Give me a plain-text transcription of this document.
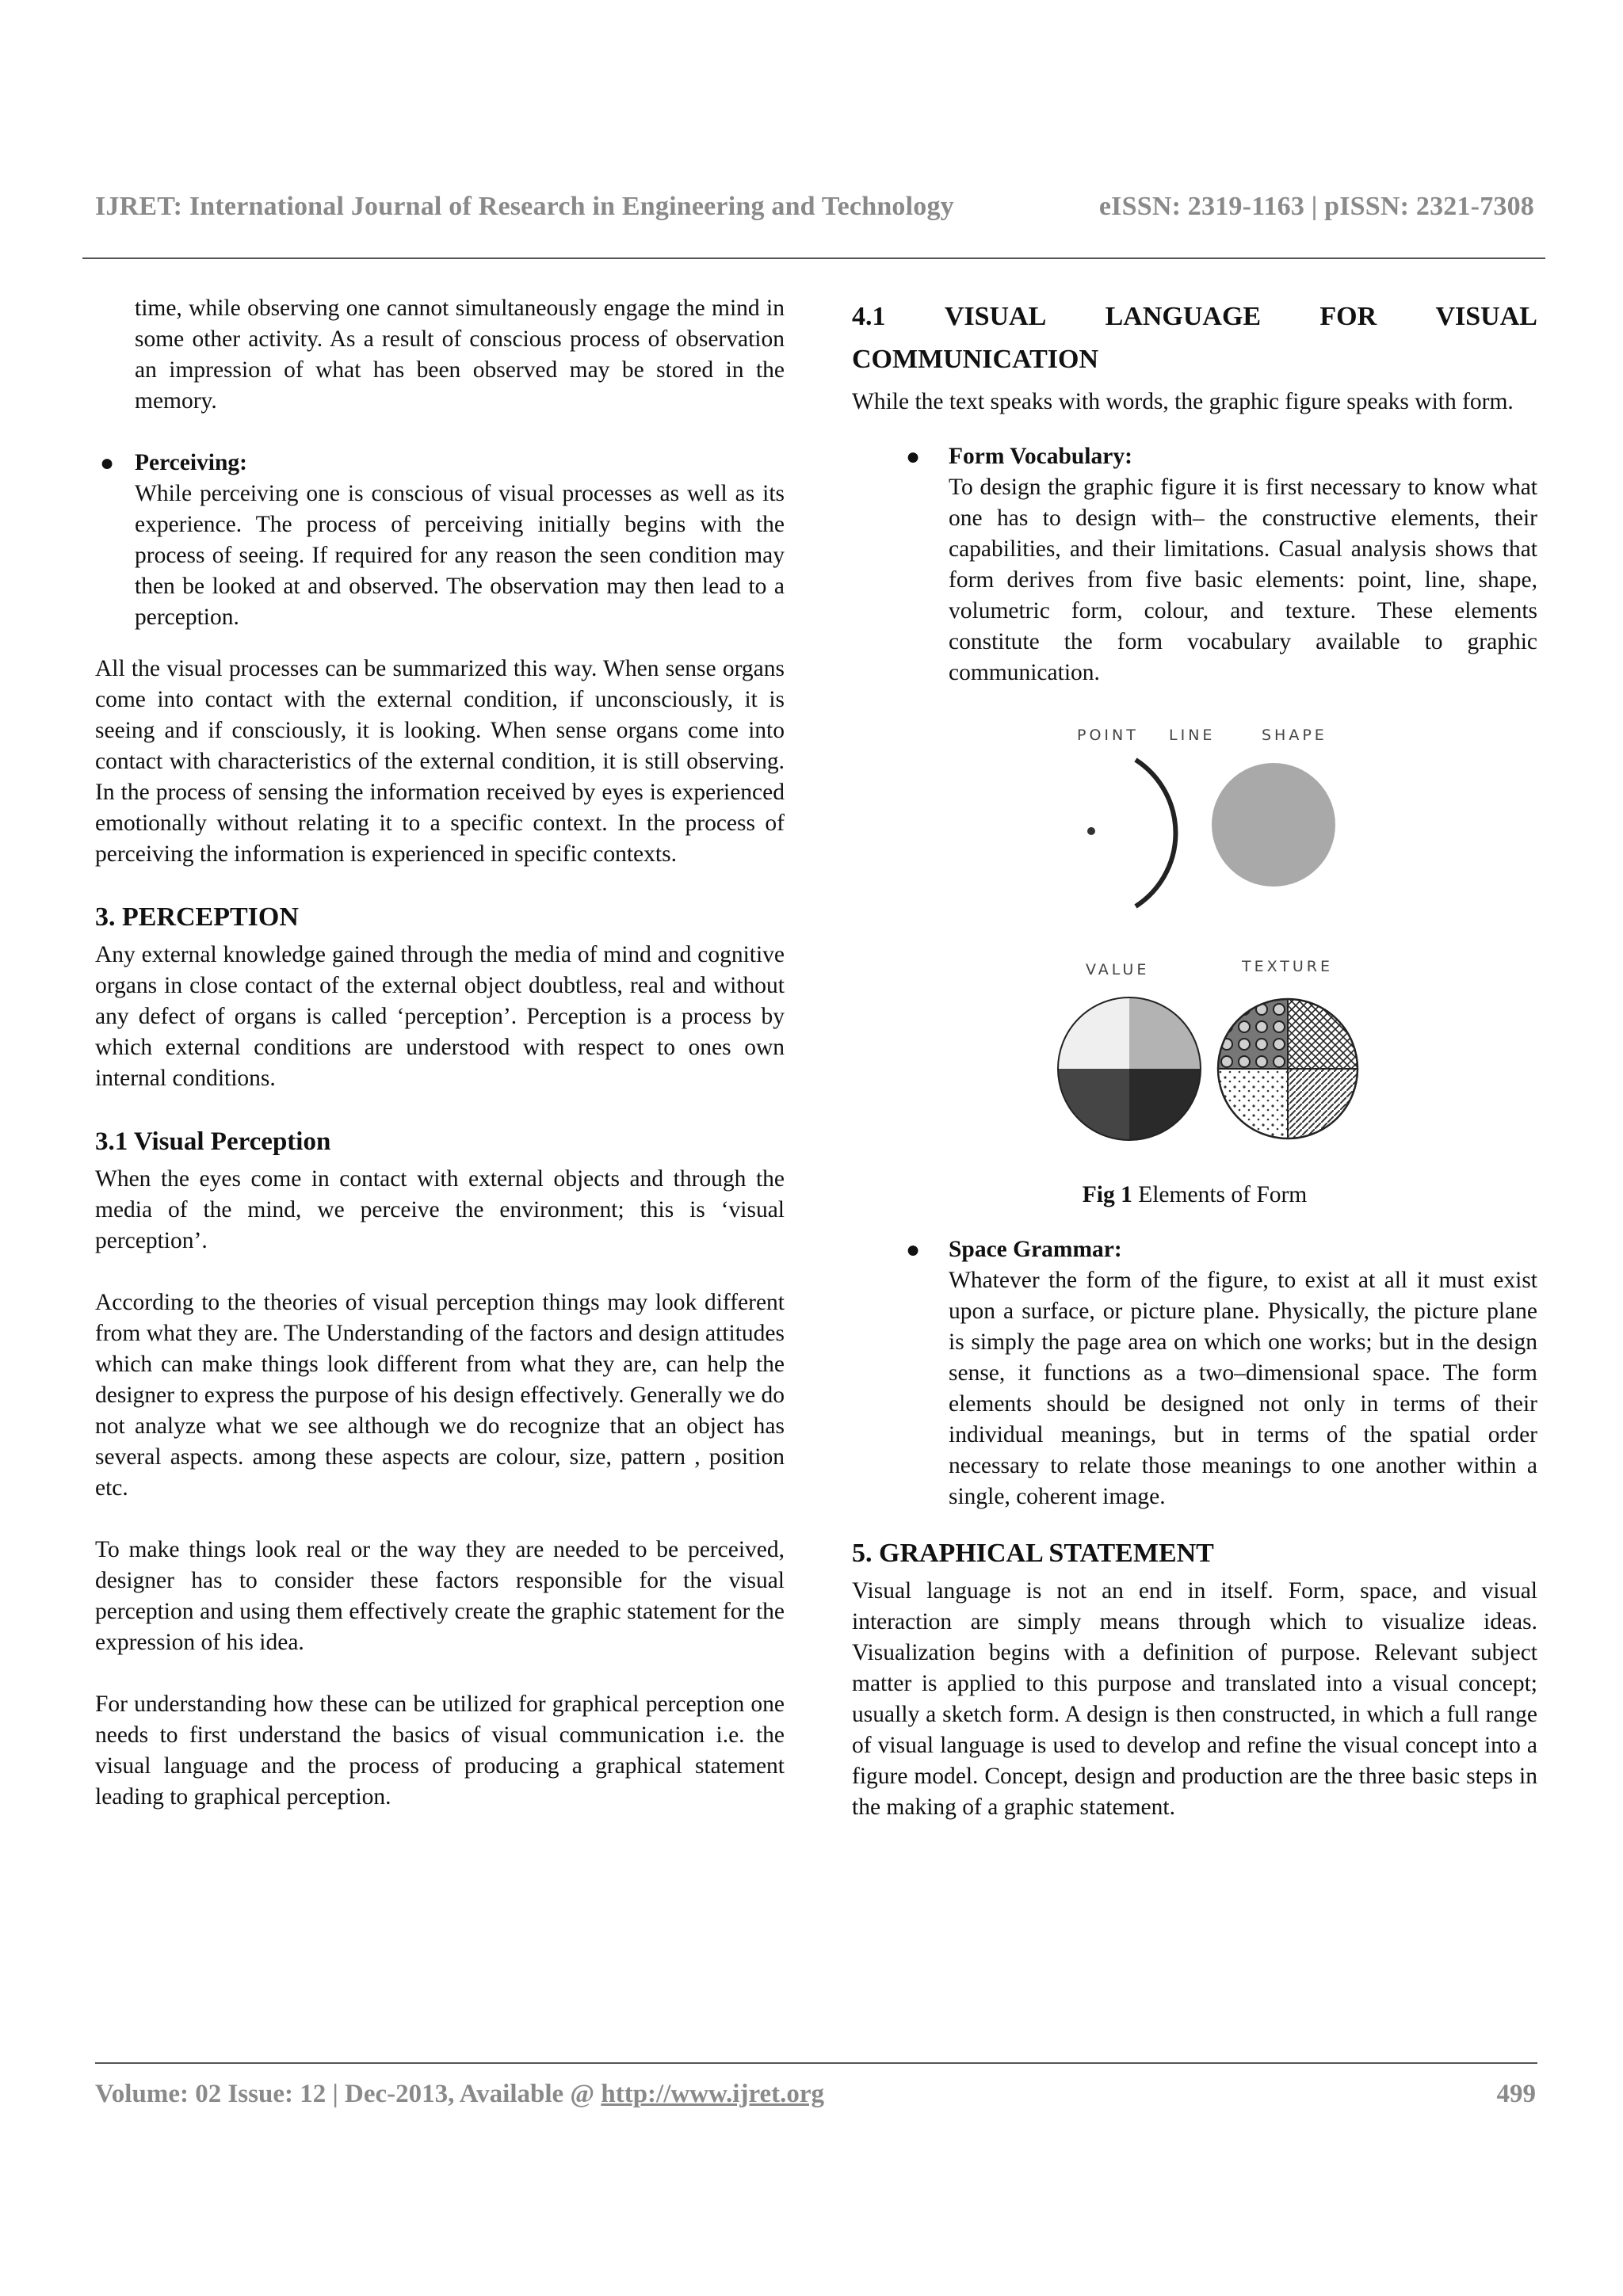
IJRET: International Journal of Research in Engineering and Technology	eISSN: 2319-1163 | pISSN: 2321-7308

time, while observing one cannot simultaneously engage the mind in some other activity. As a result of conscious process of observation an impression of what has been observed may be stored in the memory.

● Perceiving:

While perceiving one is conscious of visual processes as well as its experience. The process of perceiving initially begins with the process of seeing. If required for any reason the seen condition may then be looked at and observed. The observation may then lead to a perception.

All the visual processes can be summarized this way. When sense organs come into contact with the external condition, if unconsciously, it is seeing and if consciously, it is looking. When sense organs come into contact with characteristics of the external condition, it is still observing. In the process of sensing the information received by eyes is experienced emotionally without relating it to a specific context. In the process of perceiving the information is experienced in specific contexts.

3. PERCEPTION

Any external knowledge gained through the media of mind and cognitive organs in close contact of the external object doubtless, real and without any defect of organs is called ‘perception’. Perception is a process by which external conditions are understood with respect to ones own internal conditions.

3.1 Visual Perception

When the eyes come in contact with external objects and through the media of the mind, we perceive the environment; this is ‘visual perception’.

According to the theories of visual perception things may look different from what they are. The Understanding of the factors and design attitudes which can make things look different from what they are, can help the designer to express the purpose of his design effectively. Generally we do not analyze what we see although we do recognize that an object has several aspects. among these aspects are colour, size, pattern , position etc.

To make things look real or the way they are needed to be perceived, designer has to consider these factors responsible for the visual perception and using them effectively create the graphic statement for the expression of his idea.

For understanding how these can be utilized for graphical perception one needs to first understand the basics of visual communication i.e. the visual language and the process of producing a graphical statement leading to graphical perception.

4.1 VISUAL LANGUAGE FOR VISUAL
COMMUNICATION

While the text speaks with words, the graphic figure speaks with form.

● Form Vocabulary:

To design the graphic figure it is first necessary to know what one has to design with– the constructive elements, their capabilities, and their limitations. Casual analysis shows that form derives from five basic elements: point, line, shape, volumetric form, colour, and texture. These elements constitute the form vocabulary available to graphic communication.

POINT LINE	SHAPE
VALUE	TEXTURE

Fig 1 Elements of Form

● Space Grammar:

Whatever the form of the figure, to exist at all it must exist upon a surface, or picture plane. Physically, the picture plane is simply the page area on which one works; but in the design sense, it functions as a two–dimensional space. The form elements should be designed not only in terms of their individual meanings, but in terms of the spatial order necessary to relate those meanings to one another within a single, coherent image.

5. GRAPHICAL STATEMENT

Visual language is not an end in itself. Form, space, and visual interaction are simply means through which to visualize ideas. Visualization begins with a definition of purpose. Relevant subject matter is applied to this purpose and translated into a visual concept; usually a sketch form. A design is then constructed, in which a full range of visual language is used to develop and refine the visual concept into a figure model. Concept, design and production are the three basic steps in the making of a graphic statement.

Volume: 02 Issue: 12 | Dec-2013, Available @ http://www.ijret.org	499
